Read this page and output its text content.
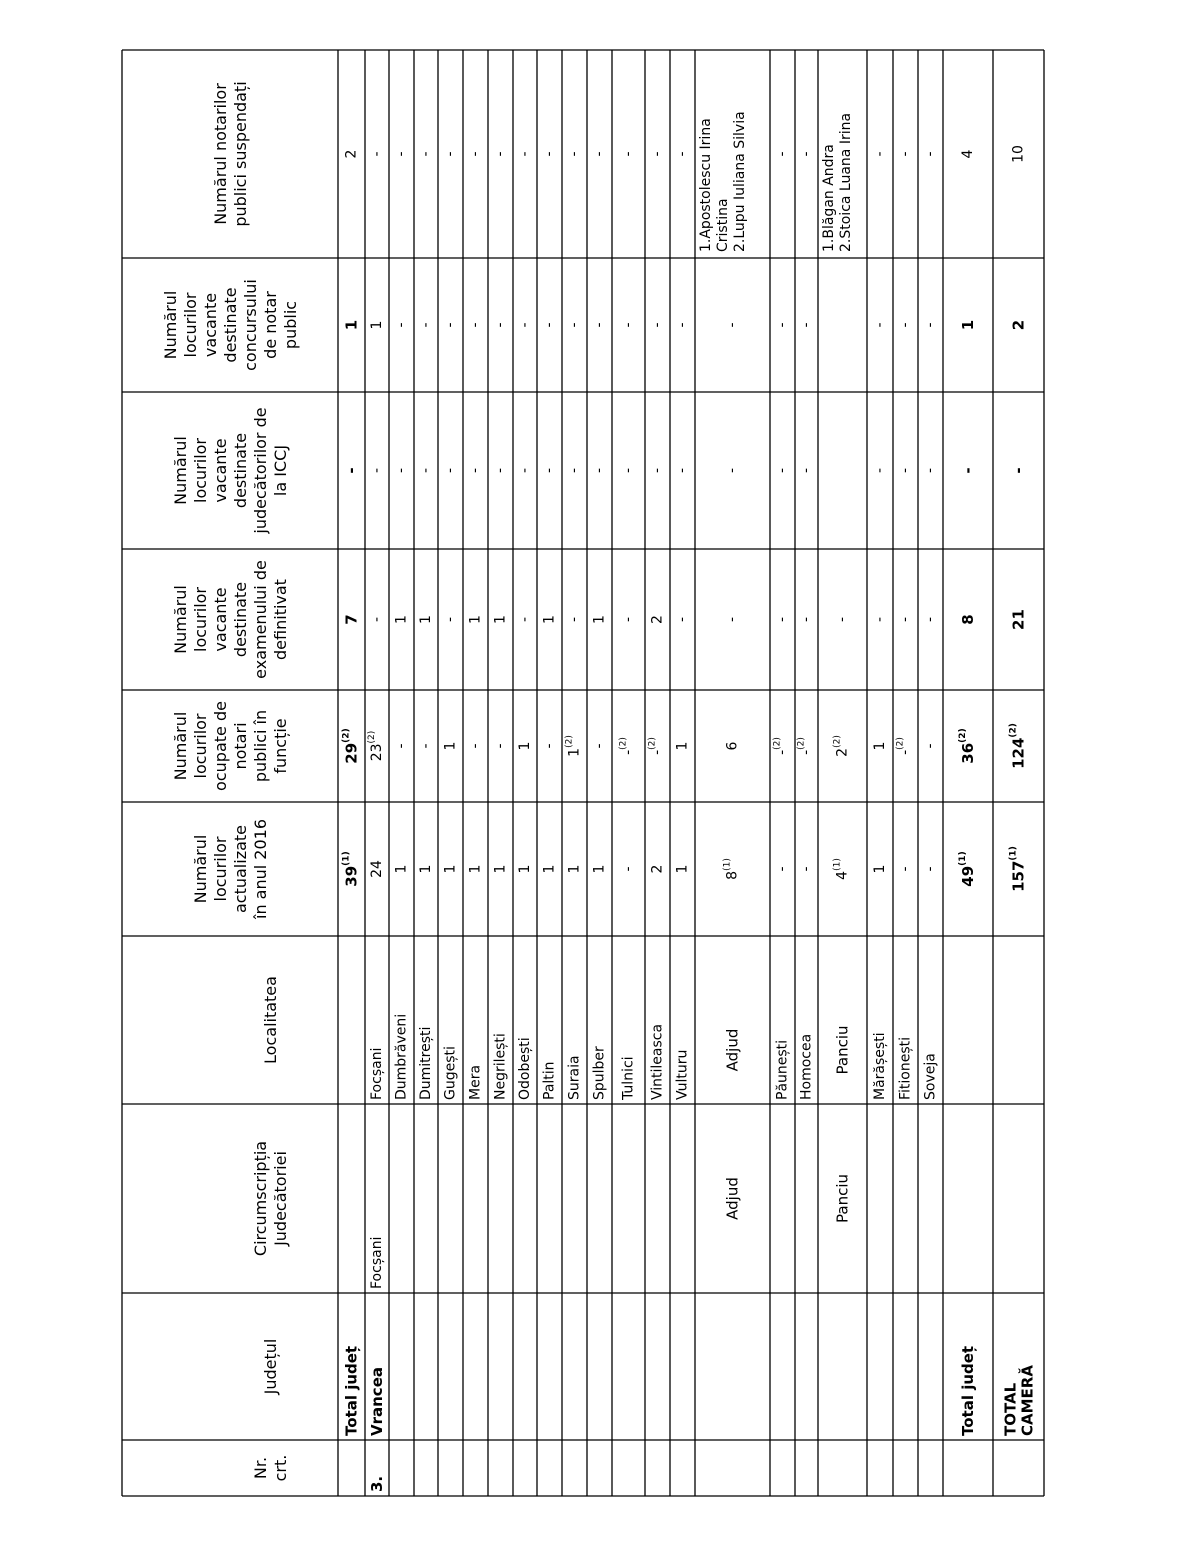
Nr. crt.
Județul
Circumscripția Judecătoriei
Localitatea
Numărul locurilor actualizate în anul 2016
Numărul locurilor ocupate de notari publici în funcție
Numărul locurilor vacante destinate examenului de definitivat
Numărul locurilor vacante destinate judecătorilor de la ICCJ
Numărul locurilor vacante destinate concursului de notar public
Numărul notarilor publici suspendați
Total județ
39$^{(1)}$
29$^{(2)}$
7
-
1
2
3.
Vrancea
Focșani
Focșani
24
23$^{(2)}$
-
-
1
-
Dumbrăveni
1
-
1
-
-
-
Dumitrești
1
-
1
-
-
-
Gugești
1
1
-
-
-
-
Mera
1
-
1
-
-
-
Negrilești
1
-
1
-
-
-
Odobești
1
1
-
-
-
-
Paltin
1
-
1
-
-
-
Suraia
1
1$^{(2)}$
-
-
-
-
Spulber
1
-
1
-
-
-
Tulnici
-
-$^{(2)}$
-
-
-
-
Vintileasca
2
-$^{(2)}$
2
-
-
-
Vulturu
1
1
-
-
-
-
Adjud
Adjud
8$^{(1)}$
6
-
-
-
1.Apostolescu Irina Cristina 2.Lupu Iuliana Silvia
Păunești
-
-$^{(2)}$
-
-
-
-
Homocea
-
-$^{(2)}$
-
-
-
-
Panciu
Panciu
4$^{(1)}$
2$^{(2)}$
-
1.Blăgan Andra 2.Stoica Luana Irina
Mărășești
1
1
-
-
-
-
Fitionești
-
-$^{(2)}$
-
-
-
-
Soveja
-
-
-
-
-
-
Total județ
49$^{(1)}$
36$^{(2)}$
8
-
1
4
TOTAL CAMERĂ
157$^{(1)}$
124$^{(2)}$
21
-
2
10
